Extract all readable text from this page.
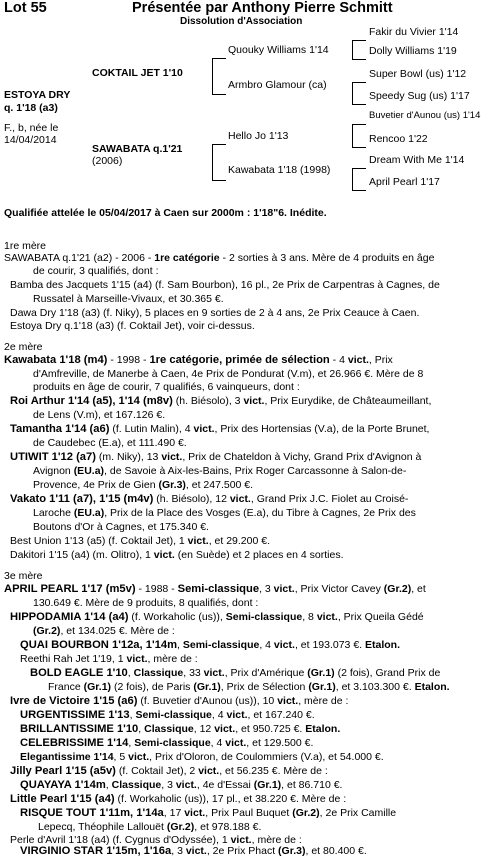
Lot 55	Présentée par Anthony Pierre Schmitt
Dissolution d'Association
ESTOYA DRY
q. 1'18 (a3)
F., b, née le
14/04/2014
COKTAIL JET 1'10
SAWABATA q.1'21
(2006)
Quouky Williams 1'14
Armbro Glamour (ca)
Hello Jo 1'13
Kawabata 1'18 (1998)
Fakir du Vivier 1'14
Dolly Williams 1'19
Super Bowl (us) 1'12
Speedy Sug (us) 1'17
Buvetier d'Aunou (us) 1'14
Rencoo 1'22
Dream With Me 1'14
April Pearl 1'17
Qualifiée attelée le 05/04/2017 à Caen sur 2000m : 1'18"6. Inédite.
1re mère
SAWABATA q.1'21 (a2) - 2006 - 1re catégorie - 2 sorties à 3 ans. Mère de 4 produits en âge
de courir, 3 qualifiés, dont :
Bamba des Jacquets 1'15 (a4) (f. Sam Bourbon), 16 pl., 2e Prix de Carpentras à Cagnes, de
Russatel à Marseille-Vivaux, et 30.365 €.
Dawa Dry 1'18 (a3) (f. Niky), 5 places en 9 sorties de 2 à 4 ans, 2e Prix Ceauce à Caen.
Estoya Dry q.1'18 (a3) (f. Coktail Jet), voir ci-dessus.
2e mère
Kawabata 1'18 (m4) - 1998 - 1re catégorie, primée de sélection - 4 vict., Prix
d'Amfreville, de Manerbe à Caen, 4e Prix de Pondurat (V.m), et 26.966 €. Mère de 8
produits en âge de courir, 7 qualifiés, 6 vainqueurs, dont :
Roi Arthur 1'14 (a5), 1'14 (m8v) (h. Biésolo), 3 vict., Prix Eurydike, de Châteaumeillant,
de Lens (V.m), et 167.126 €.
Tamantha 1'14 (a6) (f. Lutin Malin), 4 vict., Prix des Hortensias (V.a), de la Porte Brunet,
de Caudebec (E.a), et 111.490 €.
UTIWIT 1'12 (a7) (m. Niky), 13 vict., Prix de Chateldon à Vichy, Grand Prix d'Avignon à
Avignon (EU.a), de Savoie à Aix-les-Bains, Prix Roger Carcassonne à Salon-de-
Provence, 4e Prix de Gien (Gr.3), et 247.500 €.
Vakato 1'11 (a7), 1'15 (m4v) (h. Biésolo), 12 vict., Grand Prix J.C. Fiolet au Croisé-
Laroche (EU.a), Prix de la Place des Vosges (E.a), du Tibre à Cagnes, 2e Prix des
Boutons d'Or à Cagnes, et 175.340 €.
Best Union 1'13 (a5) (f. Coktail Jet), 1 vict., et 29.200 €.
Dakitori 1'15 (a4) (m. Olitro), 1 vict. (en Suède) et 2 places en 4 sorties.
3e mère
APRIL PEARL 1'17 (m5v) - 1988 - Semi-classique, 3 vict., Prix Victor Cavey (Gr.2), et
130.649 €. Mère de 9 produits, 8 qualifiés, dont :
HIPPODAMIA 1'14 (a4) (f. Workaholic (us)), Semi-classique, 8 vict., Prix Queila Gédé
(Gr.2), et 134.025 €. Mère de :
QUAI BOURBON 1'12a, 1'14m, Semi-classique, 4 vict., et 193.073 €. Etalon.
Reethi Rah Jet 1'19, 1 vict., mère de :
BOLD EAGLE 1'10, Classique, 33 vict., Prix d'Amérique (Gr.1) (2 fois), Grand Prix de
France (Gr.1) (2 fois), de Paris (Gr.1), Prix de Sélection (Gr.1), et 3.103.300 €. Etalon.
Ivre de Victoire 1'15 (a6) (f. Buvetier d'Aunou (us)), 10 vict., mère de :
URGENTISSIME 1'13, Semi-classique, 4 vict., et 167.240 €.
BRILLANTISSIME 1'10, Classique, 12 vict., et 950.725 €. Etalon.
CELEBRISSIME 1'14, Semi-classique, 4 vict., et 129.500 €.
Elegantissime 1'14, 5 vict., Prix d'Oloron, de Coulommiers (V.a), et 54.000 €.
Jilly Pearl 1'15 (a5v) (f. Coktail Jet), 2 vict., et 56.235 €. Mère de :
QUAYAYA 1'14m, Classique, 3 vict., 4e d'Essai (Gr.1), et 86.710 €.
Little Pearl 1'15 (a4) (f. Workaholic (us)), 17 pl., et 38.220 €. Mère de :
RISQUE TOUT 1'11m, 1'14a, 17 vict., Prix Paul Buquet (Gr.2), 2e Prix Camille
Lepecq, Théophile Lallouët (Gr.2), et 978.188 €.
Perle d'Avril 1'18 (a4) (f. Cygnus d'Odyssée), 1 vict., mère de :
VIRGINIO STAR 1'15m, 1'16a, 3 vict., 2e Prix Phact (Gr.3), et 80.400 €.
